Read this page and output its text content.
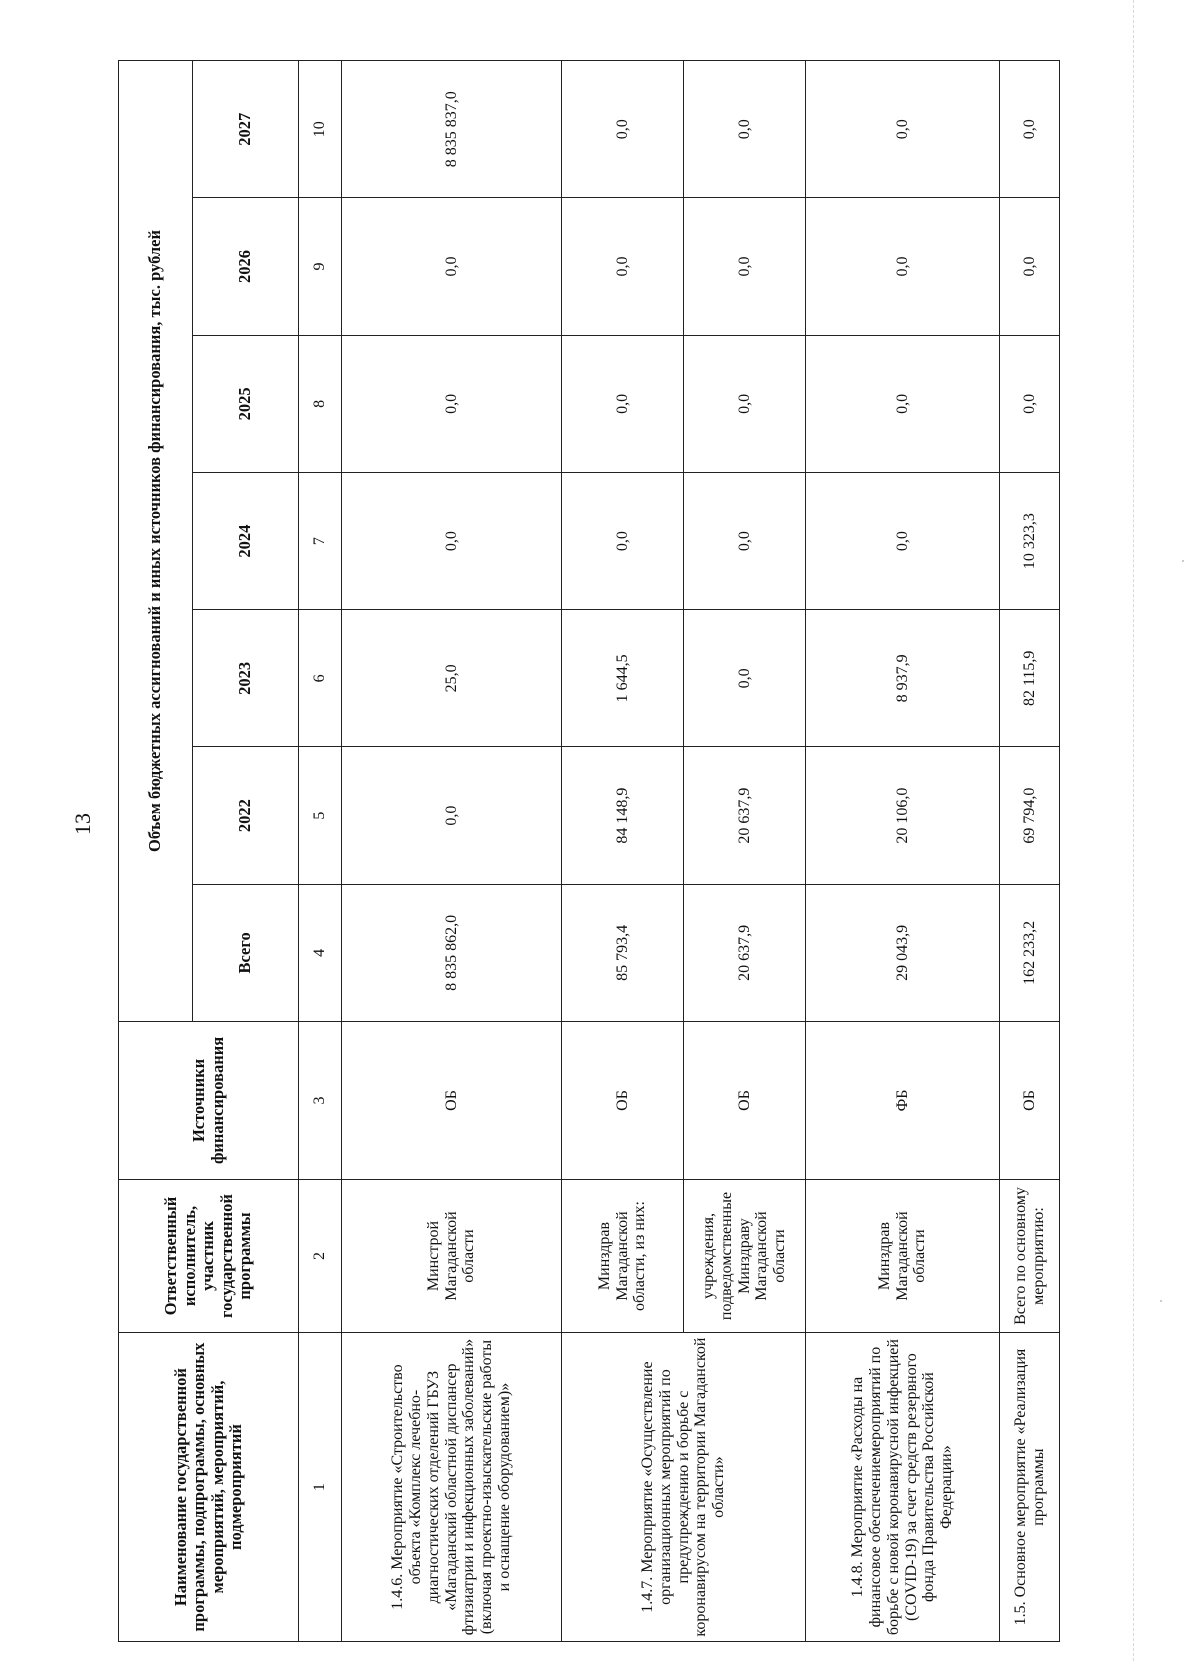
13
Наименование государственной программы, подпрограммы, основных мероприятий, мероприятий, подмероприятий	Ответственный исполнитель, участник государственной программы	Источники финансирования	Объем бюджетных ассигнований и иных источников финансирования, тыс. рублей						
			Всего	2022	2023	2024	2025	2026	2027
1	2	3	4	5	6	7	8	9	10
1.4.6. Мероприятие «Строительство объекта «Комплекс лечебно-диагностических отделений ГБУЗ «Магаданский областной диспансер фтизиатрии и инфекционных заболеваний» (включая проектно-изыскательские работы и оснащение оборудованием)»	Минстрой Магаданской области	ОБ	8 835 862,0	0,0	25,0	0,0	0,0	0,0	8 835 837,0
1.4.7. Мероприятие «Осуществление организационных мероприятий по предупреждению и борьбе с коронавирусом на территории Магаданской области»	Минздрав Магаданской области, из них:	ОБ	85 793,4	84 148,9	1 644,5	0,0	0,0	0,0	0,0
	учреждения, подведомственные Минздраву Магаданской области	ОБ	20 637,9	20 637,9	0,0	0,0	0,0	0,0	0,0
1.4.8. Мероприятие «Расходы на финансовое обеспечениемероприятий по борьбе с новой коронавирусной инфекцией (COVID-19) за счет средств резервного фонда Правительства Российской Федерации»	Минздрав Магаданской области	ФБ	29 043,9	20 106,0	8 937,9	0,0	0,0	0,0	0,0
1.5. Основное мероприятие «Реализация программы	Всего по основному мероприятию:	ОБ	162 233,2	69 794,0	82 115,9	10 323,3	0,0	0,0	0,0
